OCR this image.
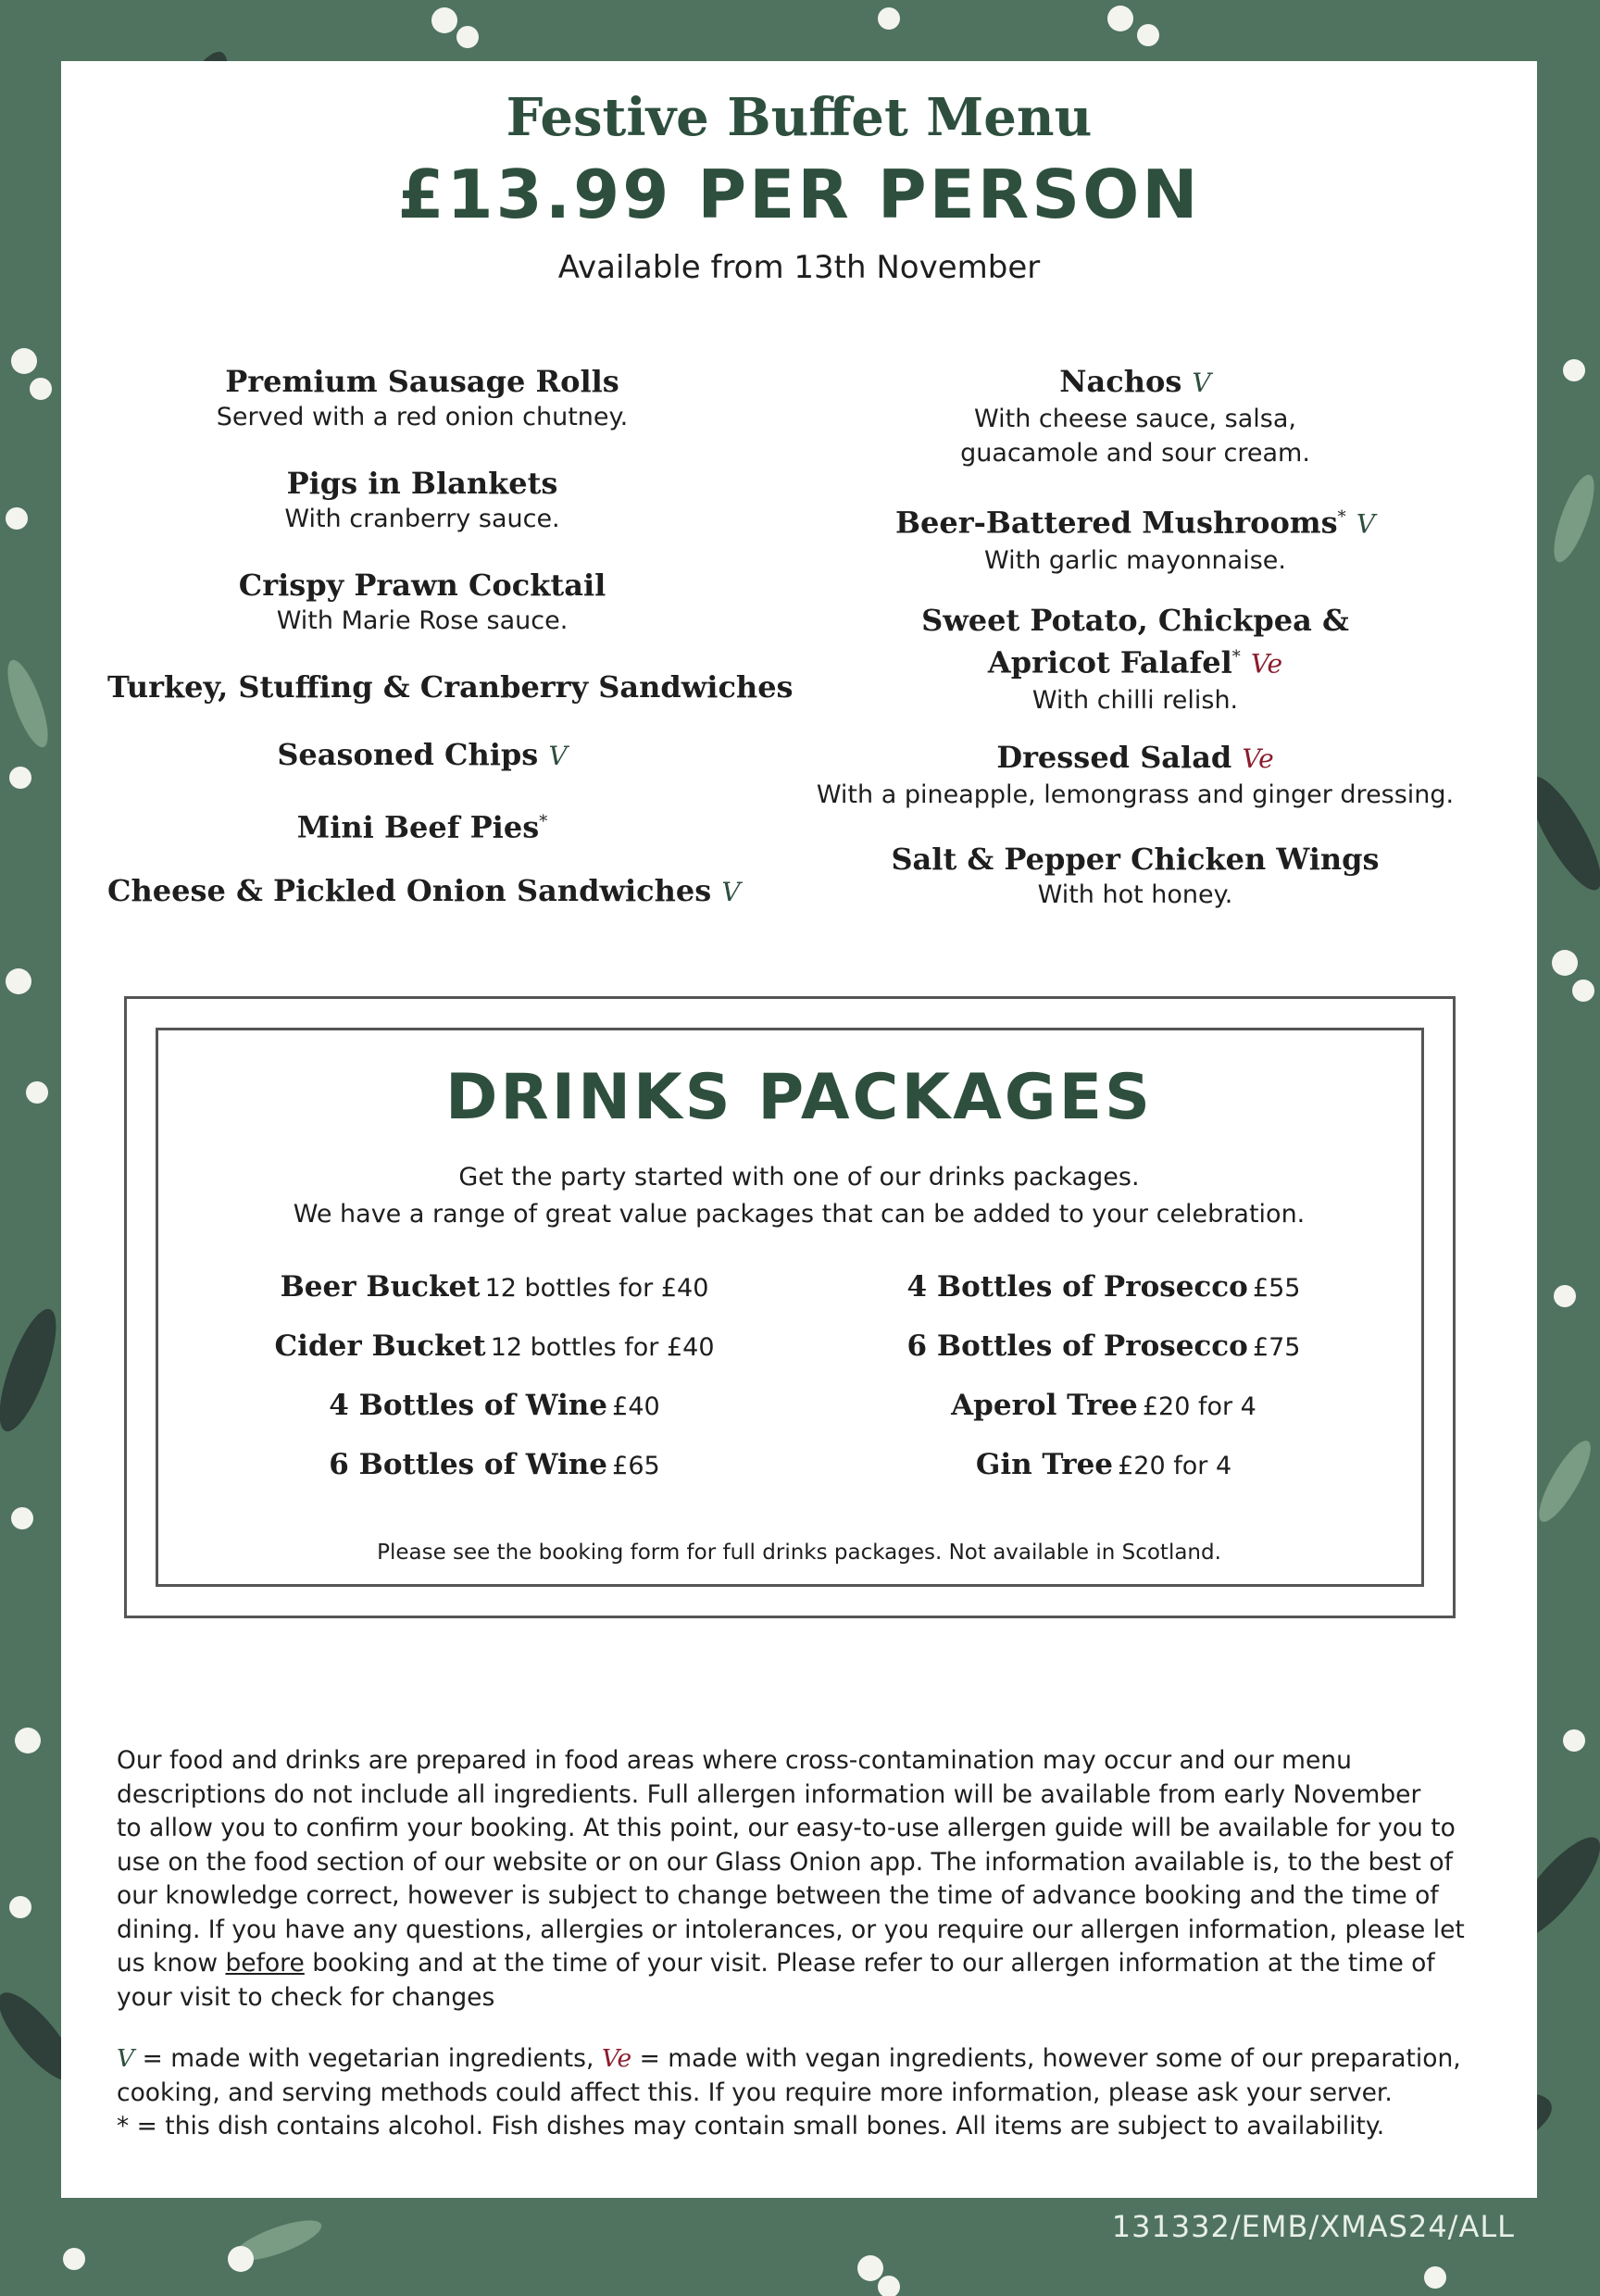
Festive Buffet Menu
£13.99 PER PERSON
Available from 13th November
Premium Sausage Rolls
Served with a red onion chutney.
Pigs in Blankets
With cranberry sauce.
Crispy Prawn Cocktail
With Marie Rose sauce.
Turkey, Stuffing & Cranberry Sandwiches
Seasoned Chips V
Mini Beef Pies*
Cheese & Pickled Onion Sandwiches V
Nachos V
With cheese sauce, salsa,
guacamole and sour cream.
Beer-Battered Mushrooms* V
With garlic mayonnaise.
Sweet Potato, Chickpea &
Apricot Falafel* Ve
With chilli relish.
Dressed Salad Ve
With a pineapple, lemongrass and ginger dressing.
Salt & Pepper Chicken Wings
With hot honey.
DRINKS PACKAGES
Get the party started with one of our drinks packages.
We have a range of great value packages that can be added to your celebration.
Beer Bucket 12 bottles for £40
Cider Bucket 12 bottles for £40
4 Bottles of Wine £40
6 Bottles of Wine £65
4 Bottles of Prosecco £55
6 Bottles of Prosecco £75
Aperol Tree £20 for 4
Gin Tree £20 for 4
Please see the booking form for full drinks packages. Not available in Scotland.
Our food and drinks are prepared in food areas where cross-contamination may occur and our menu
descriptions do not include all ingredients. Full allergen information will be available from early November
to allow you to confirm your booking. At this point, our easy-to-use allergen guide will be available for you to
use on the food section of our website or on our Glass Onion app. The information available is, to the best of
our knowledge correct, however is subject to change between the time of advance booking and the time of
dining. If you have any questions, allergies or intolerances, or you require our allergen information, please let
us know before booking and at the time of your visit. Please refer to our allergen information at the time of
your visit to check for changes
V = made with vegetarian ingredients, Ve = made with vegan ingredients, however some of our preparation,
cooking, and serving methods could affect this. If you require more information, please ask your server.
* = this dish contains alcohol. Fish dishes may contain small bones. All items are subject to availability.
131332/EMB/XMAS24/ALL
